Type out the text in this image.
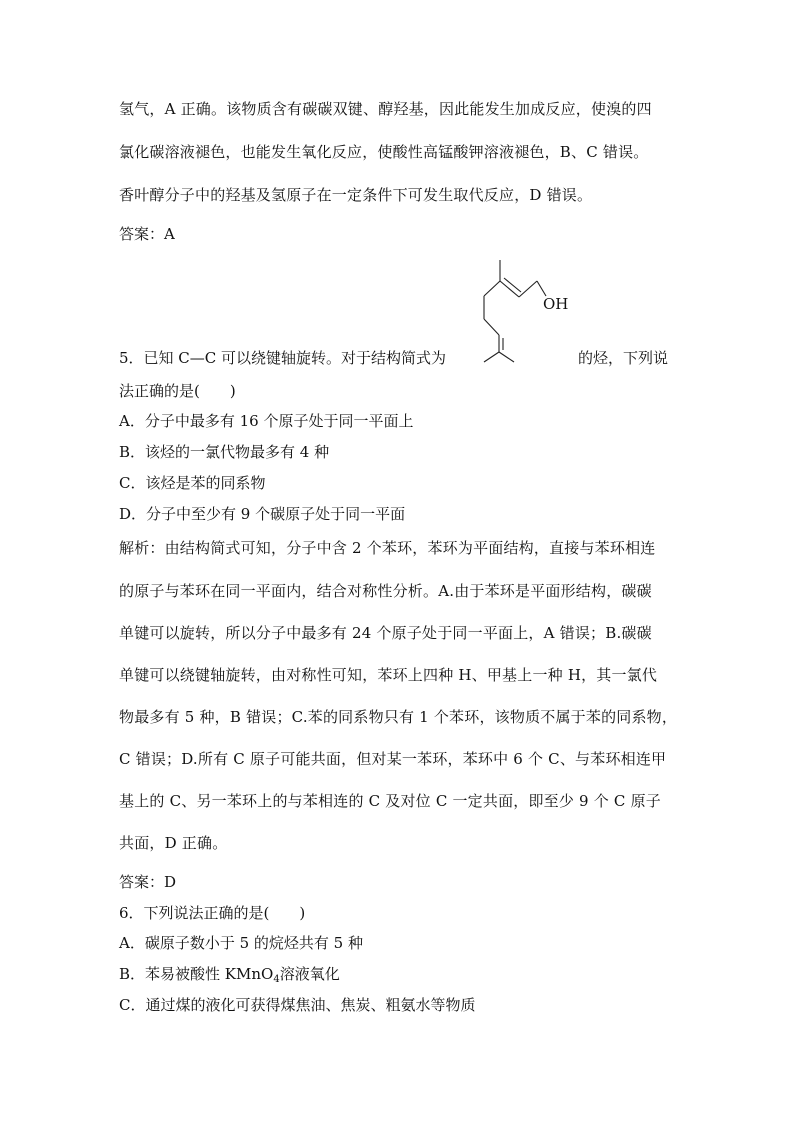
氢气，A 正确。该物质含有碳碳双键、醇羟基，因此能发生加成反应，使溴的四
氯化碳溶液褪色，也能发生氧化反应，使酸性高锰酸钾溶液褪色，B、C 错误。
香叶醇分子中的羟基及氢原子在一定条件下可发生取代反应，D 错误。
答案：A
OH
5．已知 C—C 可以绕键轴旋转。对于结构简式为	的烃，下列说
法正确的是(　　)
A．分子中最多有 16 个原子处于同一平面上
B．该烃的一氯代物最多有 4 种
C．该烃是苯的同系物
D．分子中至少有 9 个碳原子处于同一平面
解析：由结构简式可知，分子中含 2 个苯环，苯环为平面结构，直接与苯环相连
的原子与苯环在同一平面内，结合对称性分析。A.由于苯环是平面形结构，碳碳
单键可以旋转，所以分子中最多有 24 个原子处于同一平面上，A 错误；B.碳碳
单键可以绕键轴旋转，由对称性可知，苯环上四种 H、甲基上一种 H，其一氯代
物最多有 5 种，B 错误；C.苯的同系物只有 1 个苯环，该物质不属于苯的同系物，
C 错误；D.所有 C 原子可能共面，但对某一苯环，苯环中 6 个 C、与苯环相连甲
基上的 C、另一苯环上的与苯相连的 C 及对位 C 一定共面，即至少 9 个 C 原子
共面，D 正确。
答案：D
6．下列说法正确的是(　　)
A．碳原子数小于 5 的烷烃共有 5 种
B．苯易被酸性 KMnO$_4$溶液氧化
C．通过煤的液化可获得煤焦油、焦炭、粗氨水等物质
